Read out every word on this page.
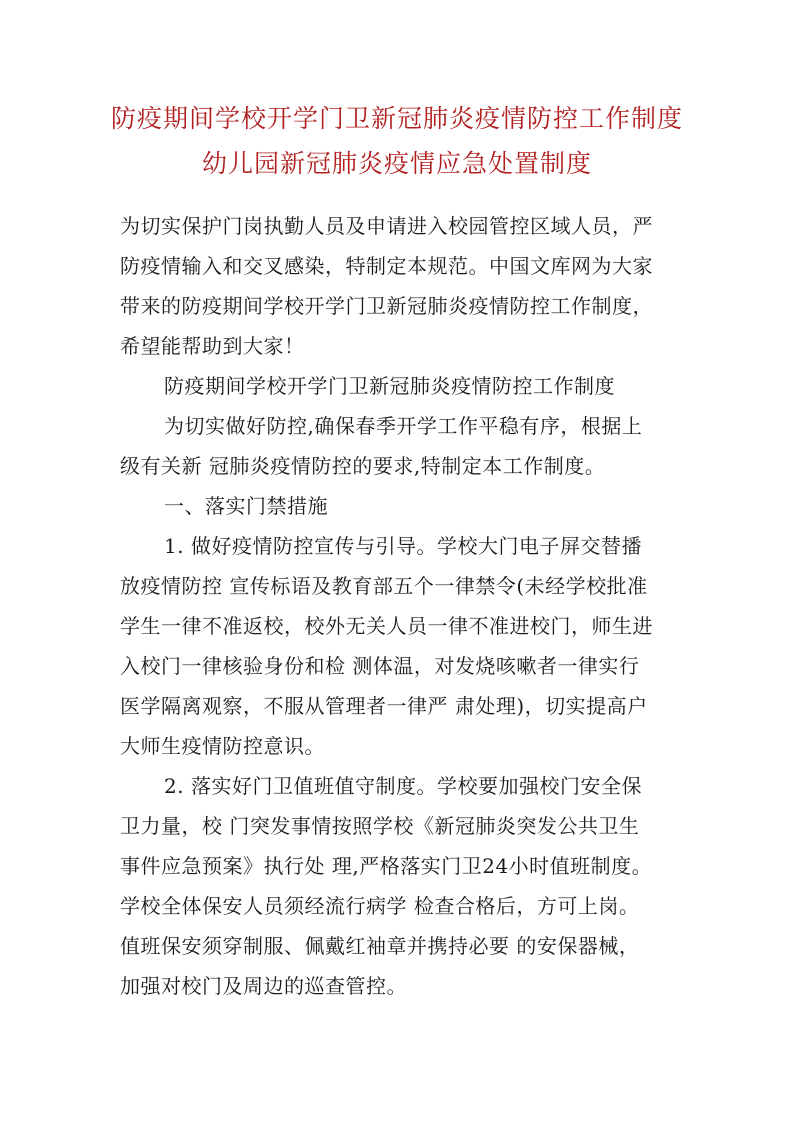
防疫期间学校开学门卫新冠肺炎疫情防控工作制度
幼儿园新冠肺炎疫情应急处置制度
为切实保护门岗执勤人员及申请进入校园管控区域人员，严
防疫情输入和交叉感染，特制定本规范。中国文库网为大家
带来的防疫期间学校开学门卫新冠肺炎疫情防控工作制度，
希望能帮助到大家！
防疫期间学校开学门卫新冠肺炎疫情防控工作制度
为切实做好防控,确保春季开学工作平稳有序，根据上
级有关新 冠肺炎疫情防控的要求,特制定本工作制度。
一、落实门禁措施
1. 做好疫情防控宣传与引导。学校大门电子屏交替播
放疫情防控 宣传标语及教育部五个一律禁令(未经学校批准
学生一律不准返校，校外无关人员一律不准进校门，师生进
入校门一律核验身份和检 测体温，对发烧咳嗽者一律实行
医学隔离观察，不服从管理者一律严 肃处理)，切实提高户
大师生疫情防控意识。
2. 落实好门卫值班值守制度。学校要加强校门安全保
卫力量，校 门突发事情按照学校《新冠肺炎突发公共卫生
事件应急预案》执行处 理,严格落实门卫24小时值班制度。
学校全体保安人员须经流行病学 检查合格后，方可上岗。
值班保安须穿制服、佩戴红袖章并携持必要 的安保器械，
加强对校门及周边的巡查管控。
